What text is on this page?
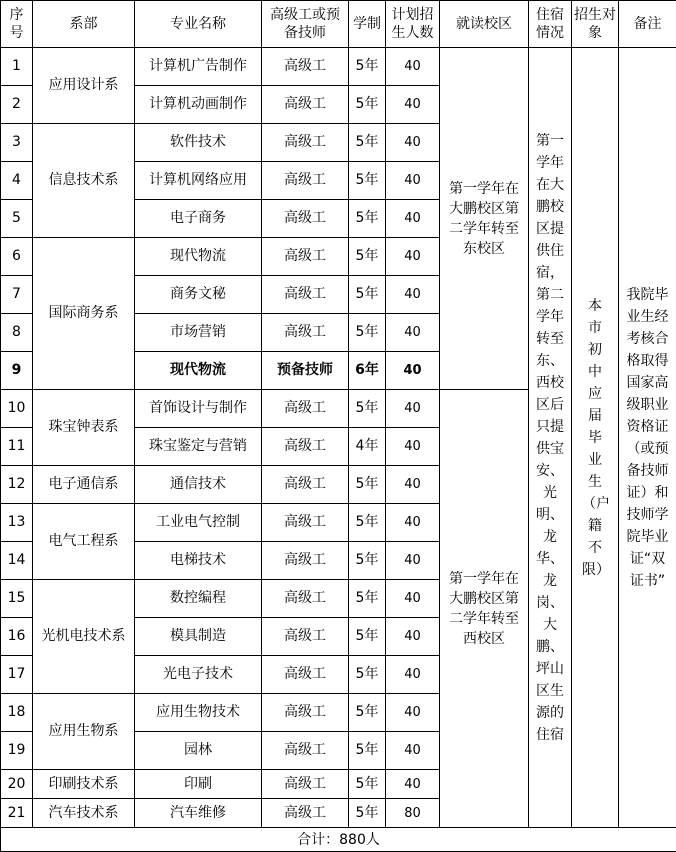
序号	系部	专业名称	高级工或预备技师	学制	计划招生人数	就读校区	住宿情况	招生对象	备注
1	应用设计系	计算机广告制作	高级工	5年	40	第一学年在大鹏校区第二学年转至东校区	第一学年在大鹏校区提供住宿，第二学年转至东、西校区后只提供宝安、光明、龙华、龙岗、大鹏、坪山区生源的住宿	本市初中应届毕业生（户籍不限）	我院毕业生经考核合格取得国家高级职业资格证（或预备技师证）和技师学院毕业证“双证书”
2		计算机动画制作	高级工	5年	40				
3	信息技术系	软件技术	高级工	5年	40				
4		计算机网络应用	高级工	5年	40				
5		电子商务	高级工	5年	40				
6	国际商务系	现代物流	高级工	5年	40				
7		商务文秘	高级工	5年	40				
8		市场营销	高级工	5年	40				
9		现代物流	预备技师	6年	40				
10	珠宝钟表系	首饰设计与制作	高级工	5年	40	第一学年在大鹏校区第二学年转至西校区			
11		珠宝鉴定与营销	高级工	4年	40				
12	电子通信系	通信技术	高级工	5年	40				
13	电气工程系	工业电气控制	高级工	5年	40				
14		电梯技术	高级工	5年	40				
15	光机电技术系	数控编程	高级工	5年	40				
16		模具制造	高级工	5年	40				
17		光电子技术	高级工	5年	40				
18	应用生物系	应用生物技术	高级工	5年	40				
19		园林	高级工	5年	40				
20	印刷技术系	印刷	高级工	5年	40				
21	汽车技术系	汽车维修	高级工	5年	80				
合计：880人									
